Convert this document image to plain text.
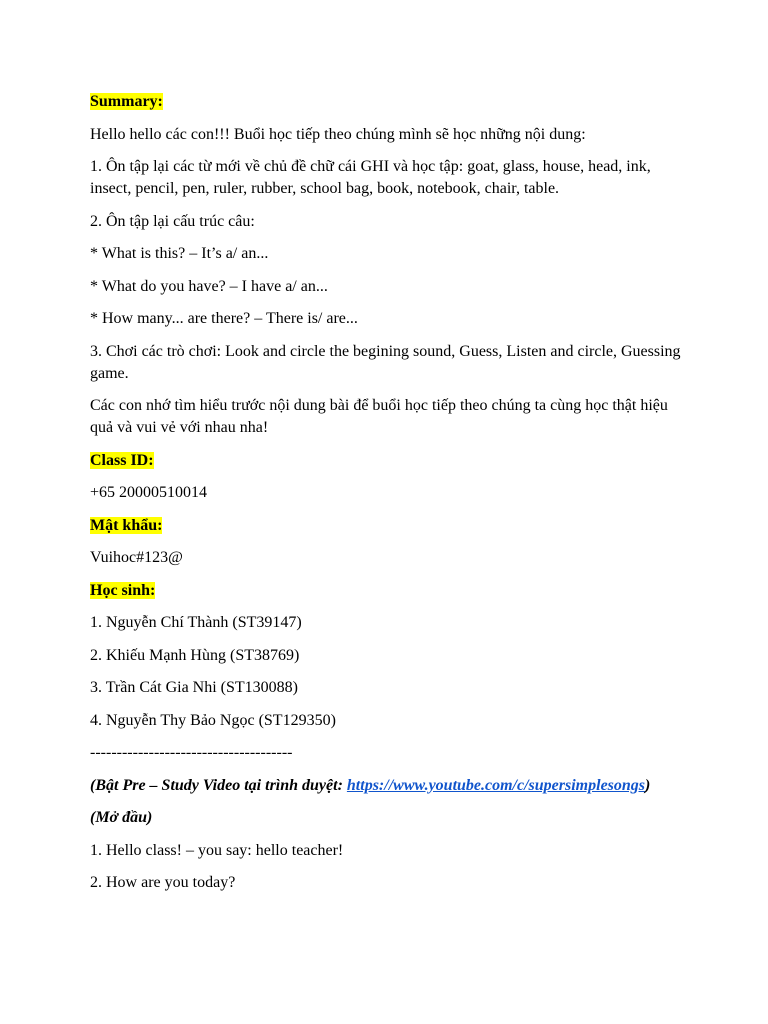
Summary:

Hello hello các con!!! Buổi học tiếp theo chúng mình sẽ học những nội dung:

1. Ôn tập lại các từ mới về chủ đề chữ cái GHI và học tập: goat, glass, house, head, ink, insect, pencil, pen, ruler, rubber, school bag, book, notebook, chair, table.

2. Ôn tập lại cấu trúc câu:

* What is this? – It’s a/ an...

* What do you have? – I have a/ an...

* How many... are there? – There is/ are...

3. Chơi các trò chơi: Look and circle the begining sound, Guess, Listen and circle, Guessing game.

Các con nhớ tìm hiểu trước nội dung bài để buổi học tiếp theo chúng ta cùng học thật hiệu quả và vui vẻ với nhau nha!

Class ID:

+65 20000510014

Mật khẩu:

Vuihoc#123@

Học sinh:

1. Nguyễn Chí Thành (ST39147)

2. Khiếu Mạnh Hùng (ST38769)

3. Trần Cát Gia Nhi (ST130088)

4. Nguyễn Thy Bảo Ngọc (ST129350)

--------------------------------------

(Bật Pre – Study Video tại trình duyệt: https://www.youtube.com/c/supersimplesongs)

(Mở đầu)

1. Hello class! – you say: hello teacher!

2. How are you today?
